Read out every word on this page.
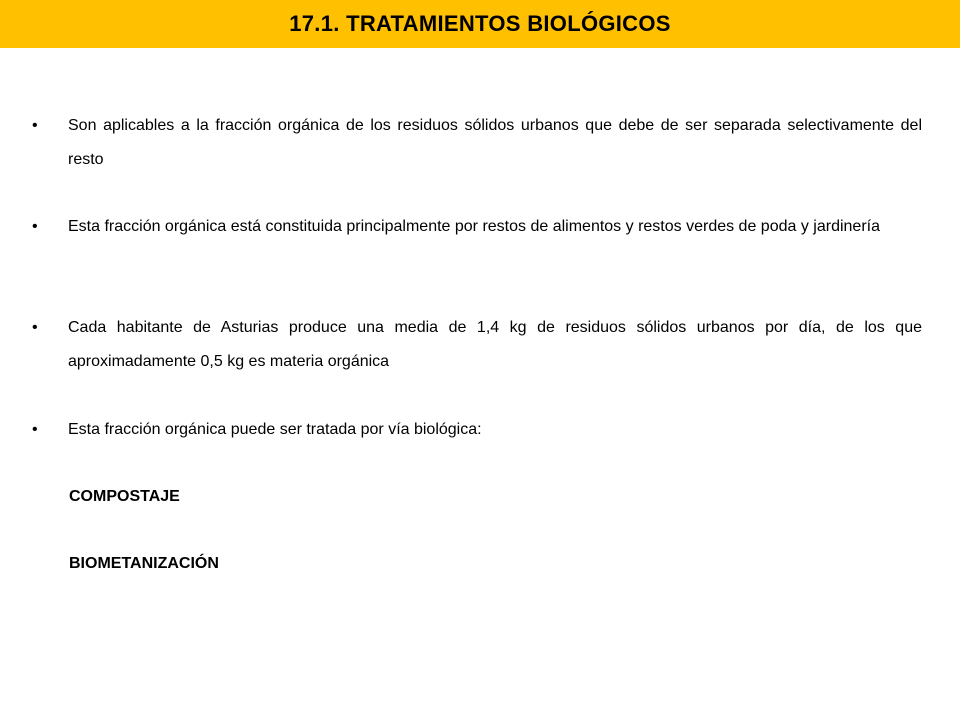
17.1. TRATAMIENTOS BIOLÓGICOS
•	Son aplicables a la fracción orgánica de los residuos sólidos urbanos que debe de ser separada selectivamente del resto
•	Esta fracción orgánica está constituida principalmente por restos de alimentos y restos verdes de poda y jardinería
•	Cada habitante de Asturias produce una media de 1,4 kg de residuos sólidos urbanos por día, de los que aproximadamente 0,5 kg es materia orgánica
•	Esta fracción orgánica puede ser tratada por vía biológica:
COMPOSTAJE
BIOMETANIZACIÓN
